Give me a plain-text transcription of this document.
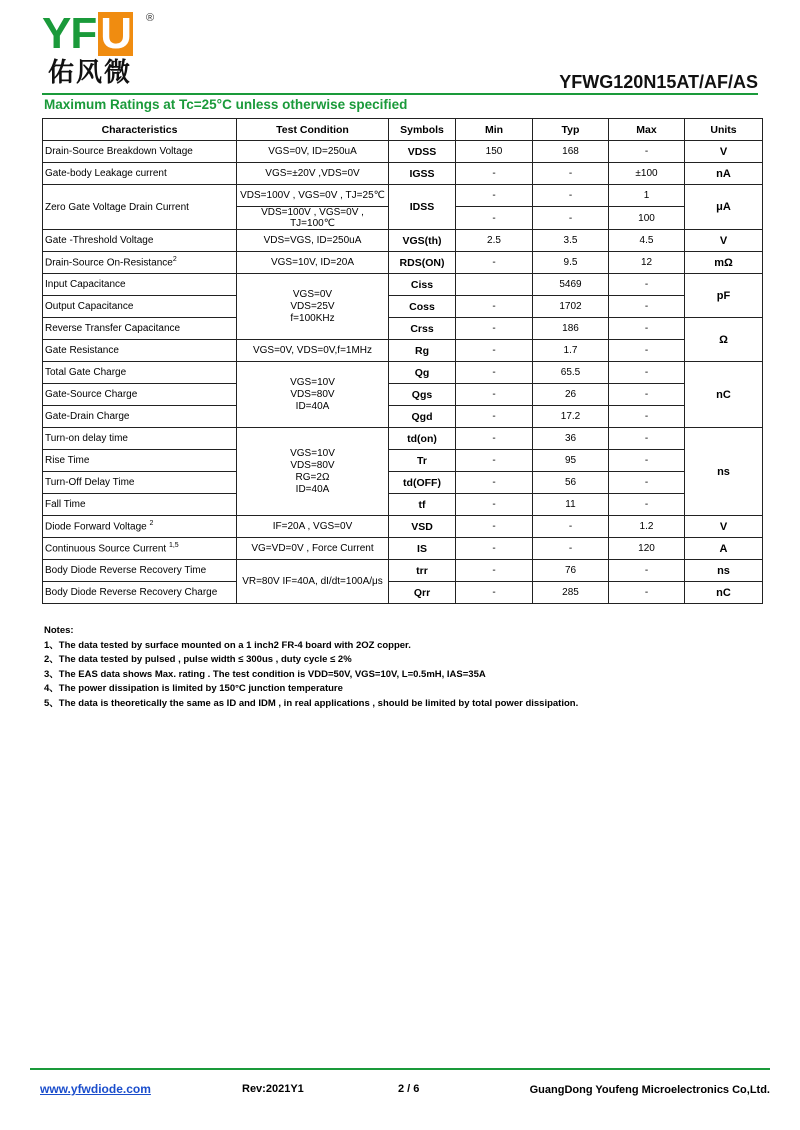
YFU ®
佑风微	YFWG120N15AT/AF/AS
Maximum Ratings at Tc=25°C unless otherwise specified
Characteristics	Test Condition	Symbols	Min	Typ	Max	Units
Drain-Source Breakdown Voltage	VGS=0V, ID=250uA	VDSS	150	168	-	V
Gate-body Leakage current	VGS=±20V ,VDS=0V	IGSS	-	-	±100	nA
Zero Gate Voltage Drain Current	VDS=100V , VGS=0V , TJ=25℃	IDSS	-	-	1	μA
	VDS=100V , VGS=0V , TJ=100℃		-	-	100	
Gate -Threshold Voltage	VDS=VGS, ID=250uA	VGS(th)	2.5	3.5	4.5	V
Drain-Source On-Resistance$^2$	VGS=10V, ID=20A	RDS(ON)	-	9.5	12	mΩ
Input Capacitance	VGS=0V
VDS=25V
f=100KHz	Ciss		5469	-	pF
Output Capacitance		Coss	-	1702	-	
Reverse Transfer Capacitance		Crss	-	186	-	Ω
Gate Resistance	VGS=0V, VDS=0V,f=1MHz	Rg	-	1.7	-	
Total Gate Charge	VGS=10V
VDS=80V
ID=40A	Qg	-	65.5	-	nC
Gate-Source Charge		Qgs	-	26	-	
Gate-Drain Charge		Qgd	-	17.2	-	
Turn-on delay time	VGS=10V
VDS=80V
RG=2Ω
ID=40A	td(on)	-	36	-	ns
Rise Time		Tr	-	95	-	
Turn-Off Delay Time		td(OFF)	-	56	-	
Fall Time		tf	-	11	-	
Diode Forward Voltage $^2$	IF=20A , VGS=0V	VSD	-	-	1.2	V
Continuous Source Current $^{1,5}$	VG=VD=0V , Force Current	IS	-	-	120	A
Body Diode Reverse Recovery Time	VR=80V IF=40A, dI/dt=100A/μs	trr	-	76	-	ns
Body Diode Reverse Recovery Charge		Qrr	-	285	-	nC
Notes:
1、The data tested by surface mounted on a 1 inch2 FR-4 board with 2OZ copper.
2、The data tested by pulsed , pulse width ≤ 300us , duty cycle ≤ 2%
3、The EAS data shows Max. rating . The test condition is VDD=50V, VGS=10V, L=0.5mH, IAS=35A
4、The power dissipation is limited by 150°C junction temperature
5、The data is theoretically the same as ID and IDM , in real applications , should be limited by total power dissipation.
www.yfwdiode.com	Rev:2021Y1	2 / 6	GuangDong Youfeng Microelectronics Co,Ltd.
